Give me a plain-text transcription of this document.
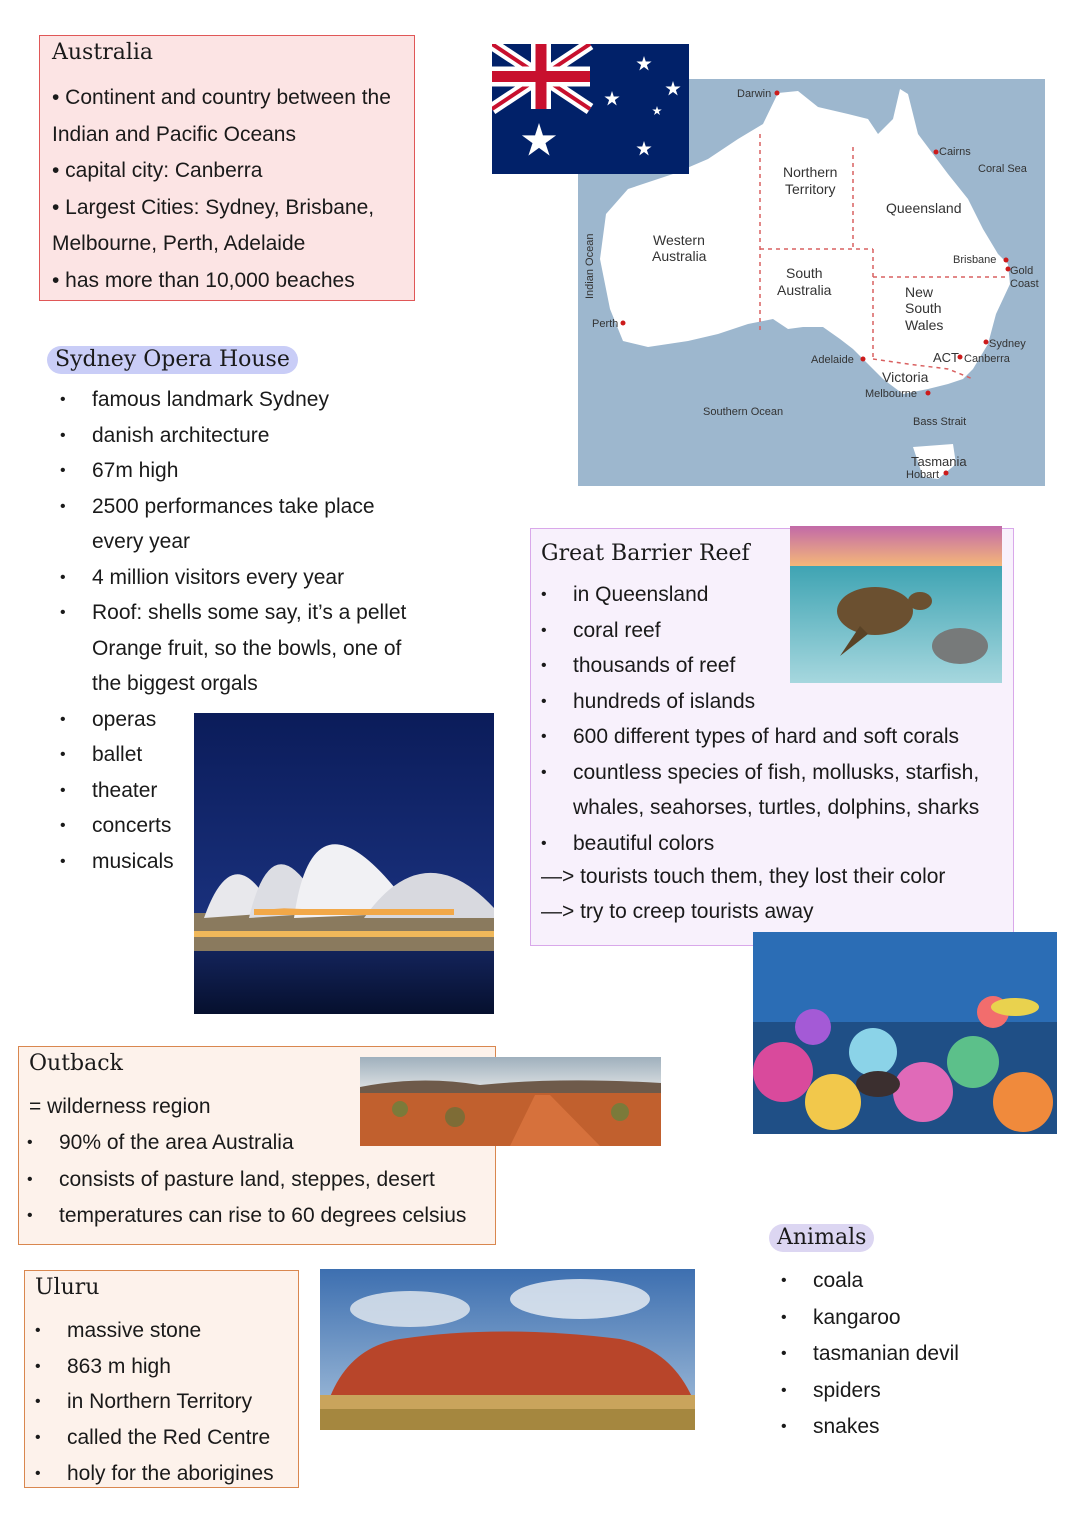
Australia
• Continent and country between the
Indian and Pacific Oceans
• capital city: Canberra
• Largest Cities: Sydney, Brisbane,
Melbourne, Perth, Adelaide
• has more than 10,000 beaches
Western
Australia
Northern
Territory
Queensland
South
Australia	New
South
Wales
Victoria
ACT
Tasmania
Darwin
Cairns
Brisbane
Gold
Coast
Sydney
Canberra
Melbourne
Adelaide
Perth
Hobart
Coral Sea
Southern Ocean
Bass Strait
Indian Ocean
Sydney Opera House
• famous landmark Sydney
• danish architecture
• 67m high
• 2500 performances take place
every year
• 4 million visitors every year
• Roof: shells some say, it’s a pellet
Orange fruit, so the bowls, one of
the biggest orgals
• operas
• ballet
• theater
• concerts
• musicals
Great Barrier Reef
• in Queensland
• coral reef
• thousands of reef
• hundreds of islands
• 600 different types of hard and soft corals
• countless species of fish, mollusks, starfish,
whales, seahorses, turtles, dolphins, sharks
• beautiful colors
—> tourists touch them, they lost their color
—> try to creep tourists away
Outback
= wilderness region
• 90% of the area Australia
• consists of pasture land, steppes, desert
• temperatures can rise to 60 degrees celsius
Uluru
• massive stone
• 863 m high
• in Northern Territory
• called the Red Centre
• holy for the aborigines
Animals
• coala
• kangaroo
• tasmanian devil
• spiders
• snakes
